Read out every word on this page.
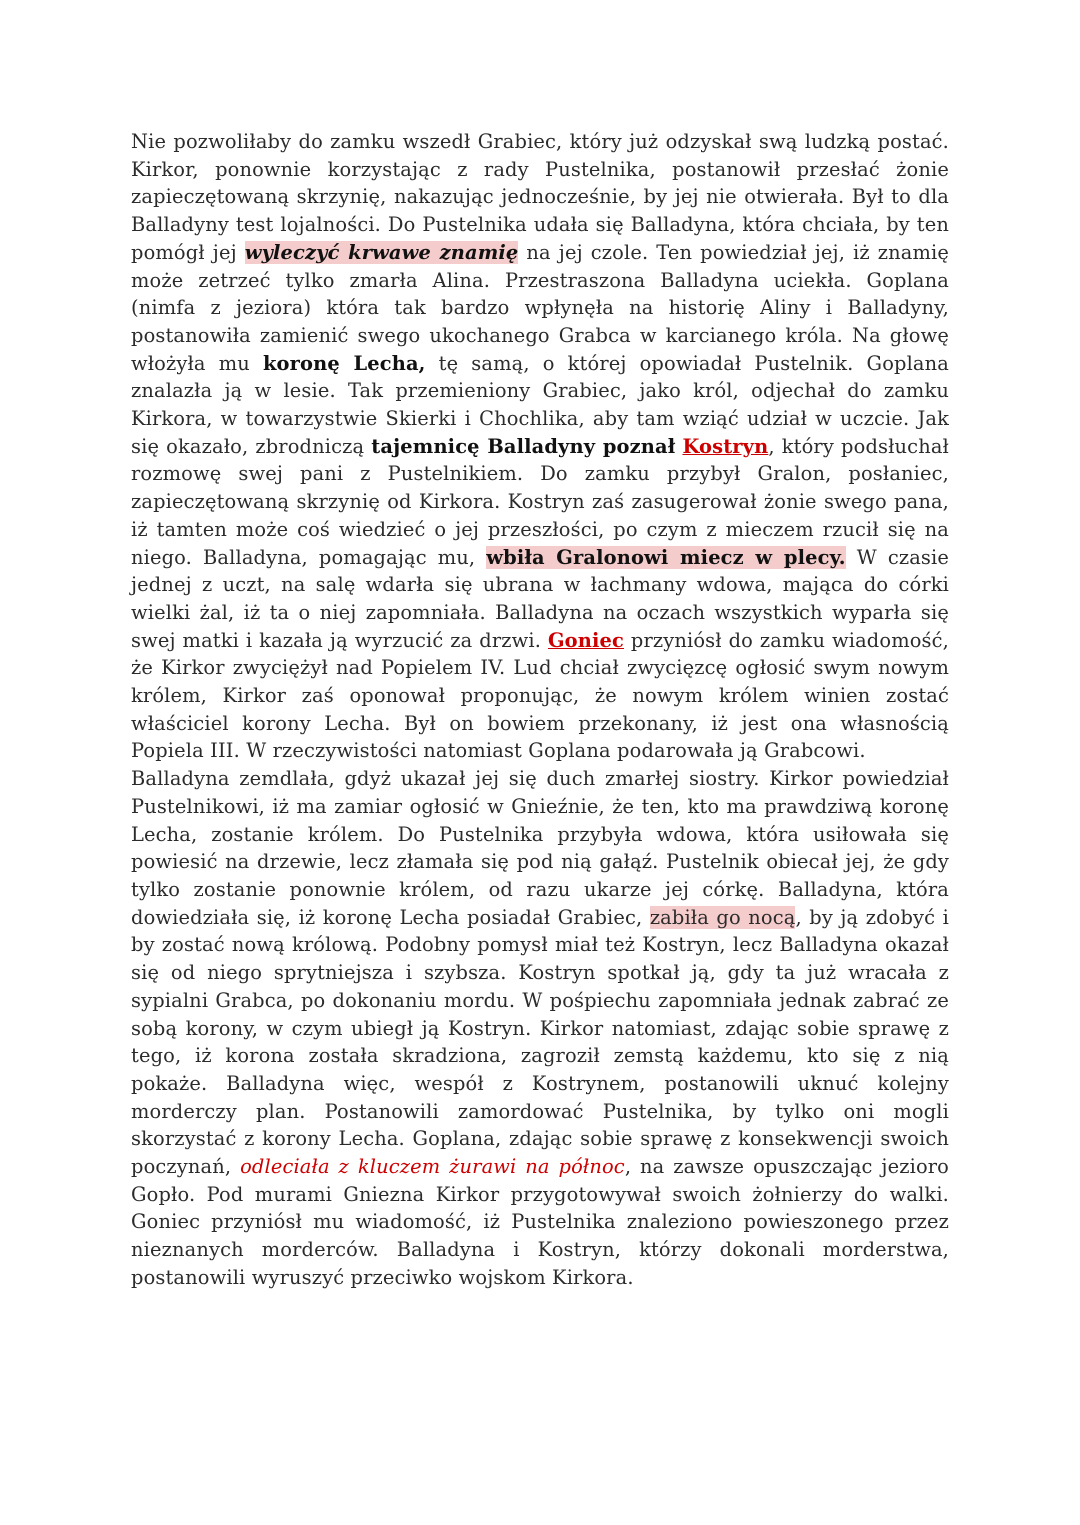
Nie pozwoliłaby do zamku wszedł Grabiec, który już odzyskał swą ludzką postać. Kirkor, ponownie korzystając z rady Pustelnika, postanowił przesłać żonie zapieczętowaną skrzynię, nakazując jednocześnie, by jej nie otwierała. Był to dla Balladyny test lojalności. Do Pustelnika udała się Balladyna, która chciała, by ten pomógł jej wyleczyć krwawe znamię na jej czole. Ten powiedział jej, iż znamię może zetrzeć tylko zmarła Alina. Przestraszona Balladyna uciekła. Goplana (nimfa z jeziora) która tak bardzo wpłynęła na historię Aliny i Balladyny, postanowiła zamienić swego ukochanego Grabca w karcianego króla. Na głowę włożyła mu koronę Lecha, tę samą, o której opowiadał Pustelnik. Goplana znalazła ją w lesie. Tak przemieniony Grabiec, jako król, odjechał do zamku Kirkora, w towarzystwie Skierki i Chochlika, aby tam wziąć udział w uczcie. Jak się okazało, zbrodniczą tajemnicę Balladyny poznał Kostryn, który podsłuchał rozmowę swej pani z Pustelnikiem. Do zamku przybył Gralon, posłaniec, zapieczętowaną skrzynię od Kirkora. Kostryn zaś zasugerował żonie swego pana, iż tamten może coś wiedzieć o jej przeszłości, po czym z mieczem rzucił się na niego. Balladyna, pomagając mu, wbiła Gralonowi miecz w plecy. W czasie jednej z uczt, na salę wdarła się ubrana w łachmany wdowa, mająca do córki wielki żal, iż ta o niej zapomniała. Balladyna na oczach wszystkich wyparła się swej matki i kazała ją wyrzucić za drzwi. Goniec przyniósł do zamku wiadomość, że Kirkor zwyciężył nad Popielem IV. Lud chciał zwycięzcę ogłosić swym nowym królem, Kirkor zaś oponował proponując, że nowym królem winien zostać właściciel korony Lecha. Był on bowiem przekonany, iż jest ona własnością Popiela III. W rzeczywistości natomiast Goplana podarowała ją Grabcowi.

Balladyna zemdlała, gdyż ukazał jej się duch zmarłej siostry. Kirkor powiedział Pustelnikowi, iż ma zamiar ogłosić w Gnieźnie, że ten, kto ma prawdziwą koronę Lecha, zostanie królem. Do Pustelnika przybyła wdowa, która usiłowała się powiesić na drzewie, lecz złamała się pod nią gałąź. Pustelnik obiecał jej, że gdy tylko zostanie ponownie królem, od razu ukarze jej córkę. Balladyna, która dowiedziała się, iż koronę Lecha posiadał Grabiec, zabiła go nocą, by ją zdobyć i by zostać nową królową. Podobny pomysł miał też Kostryn, lecz Balladyna okazał się od niego sprytniejsza i szybsza. Kostryn spotkał ją, gdy ta już wracała z sypialni Grabca, po dokonaniu mordu. W pośpiechu zapomniała jednak zabrać ze sobą korony, w czym ubiegł ją Kostryn. Kirkor natomiast, zdając sobie sprawę z tego, iż korona została skradziona, zagroził zemstą każdemu, kto się z nią pokaże. Balladyna więc, wespół z Kostrynem, postanowili uknuć kolejny morderczy plan. Postanowili zamordować Pustelnika, by tylko oni mogli skorzystać z korony Lecha. Goplana, zdając sobie sprawę z konsekwencji swoich poczynań, odleciała z kluczem żurawi na północ, na zawsze opuszczając jezioro Gopło. Pod murami Gniezna Kirkor przygotowywał swoich żołnierzy do walki. Goniec przyniósł mu wiadomość, iż Pustelnika znaleziono powieszonego przez nieznanych morderców. Balladyna i Kostryn, którzy dokonali morderstwa, postanowili wyruszyć przeciwko wojskom Kirkora.
